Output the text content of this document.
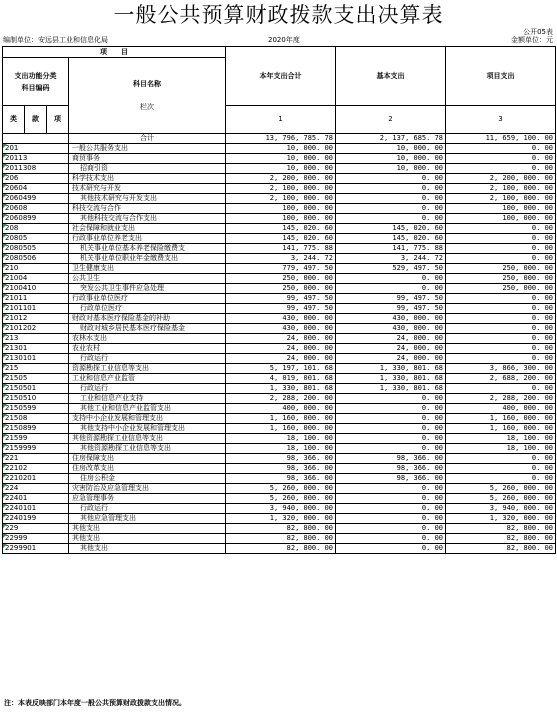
一般公共预算财政拨款支出决算表
公开05表
编制单位：安远县工业和信息化局	2020年度	金额单位：元
项　　目				本年支出合计	基本支出	项目支出
支出功能分类
科目编码			科目名称
栏次			

类	款	项		1	2	3
			合计	13, 796, 785. 78	2, 137, 685. 78	11, 659, 100. 00
201			一般公共服务支出	10, 000. 00	10, 000. 00	0. 00
20113			商贸事务	10, 000. 00	10, 000. 00	0. 00
2011308			招商引资	10, 000. 00	10, 000. 00	0. 00
206			科学技术支出	2, 200, 000. 00	0. 00	2, 200, 000. 00
20604			技术研究与开发	2, 100, 000. 00	0. 00	2, 100, 000. 00
2060499			其他技术研究与开发支出	2, 100, 000. 00	0. 00	2, 100, 000. 00
20608			科技交流与合作	100, 000. 00	0. 00	100, 000. 00
2060899			其他科技交流与合作支出	100, 000. 00	0. 00	100, 000. 00
208			社会保障和就业支出	145, 020. 60	145, 020. 60	0. 00
20805			行政事业单位养老支出	145, 020. 60	145, 020. 60	0. 00
2080505			机关事业单位基本养老保险缴费支	141, 775. 88	141, 775. 88	0. 00
2080506			机关事业单位职业年金缴费支出	3, 244. 72	3, 244. 72	0. 00
210			卫生健康支出	779, 497. 50	529, 497. 50	250, 000. 00
21004			公共卫生	250, 000. 00	0. 00	250, 000. 00
2100410			突发公共卫生事件应急处理	250, 000. 00	0. 00	250, 000. 00
21011			行政事业单位医疗	99, 497. 50	99, 497. 50	0. 00
2101101			行政单位医疗	99, 497. 50	99, 497. 50	0. 00
21012			财政对基本医疗保险基金的补助	430, 000. 00	430, 000. 00	0. 00
2101202			财政对城乡居民基本医疗保险基金	430, 000. 00	430, 000. 00	0. 00
213			农林水支出	24, 000. 00	24, 000. 00	0. 00
21301			农业农村	24, 000. 00	24, 000. 00	0. 00
2130101			行政运行	24, 000. 00	24, 000. 00	0. 00
215			资源勘探工业信息等支出	5, 197, 101. 68	1, 330, 801. 68	3, 866, 300. 00
21505			工业和信息产业监管	4, 019, 001. 68	1, 330, 801. 68	2, 688, 200. 00
2150501			行政运行	1, 330, 801. 68	1, 330, 801. 68	0. 00
2150510			工业和信息产业支持	2, 288, 200. 00	0. 00	2, 288, 200. 00
2150599			其他工业和信息产业监管支出	400, 000. 00	0. 00	400, 000. 00
21508			支持中小企业发展和管理支出	1, 160, 000. 00	0. 00	1, 160, 000. 00
2150899			其他支持中小企业发展和管理支出	1, 160, 000. 00	0. 00	1, 160, 000. 00
21599			其他资源勘探工业信息等支出	18, 100. 00	0. 00	18, 100. 00
2159999			其他资源勘探工业信息等支出	18, 100. 00	0. 00	18, 100. 00
221			住房保障支出	98, 366. 00	98, 366. 00	0. 00
22102			住房改革支出	98, 366. 00	98, 366. 00	0. 00
2210201			住房公积金	98, 366. 00	98, 366. 00	0. 00
224			灾害防治及应急管理支出	5, 260, 000. 00	0. 00	5, 260, 000. 00
22401			应急管理事务	5, 260, 000. 00	0. 00	5, 260, 000. 00
2240101			行政运行	3, 940, 000. 00	0. 00	3, 940, 000. 00
2240199			其他应急管理支出	1, 320, 000. 00	0. 00	1, 320, 000. 00
229			其他支出	82, 800. 00	0. 00	82, 800. 00
22999			其他支出	82, 800. 00	0. 00	82, 800. 00
2299901			其他支出	82, 800. 00	0. 00	82, 800. 00
注：本表反映部门本年度一般公共预算财政拨款支出情况。
